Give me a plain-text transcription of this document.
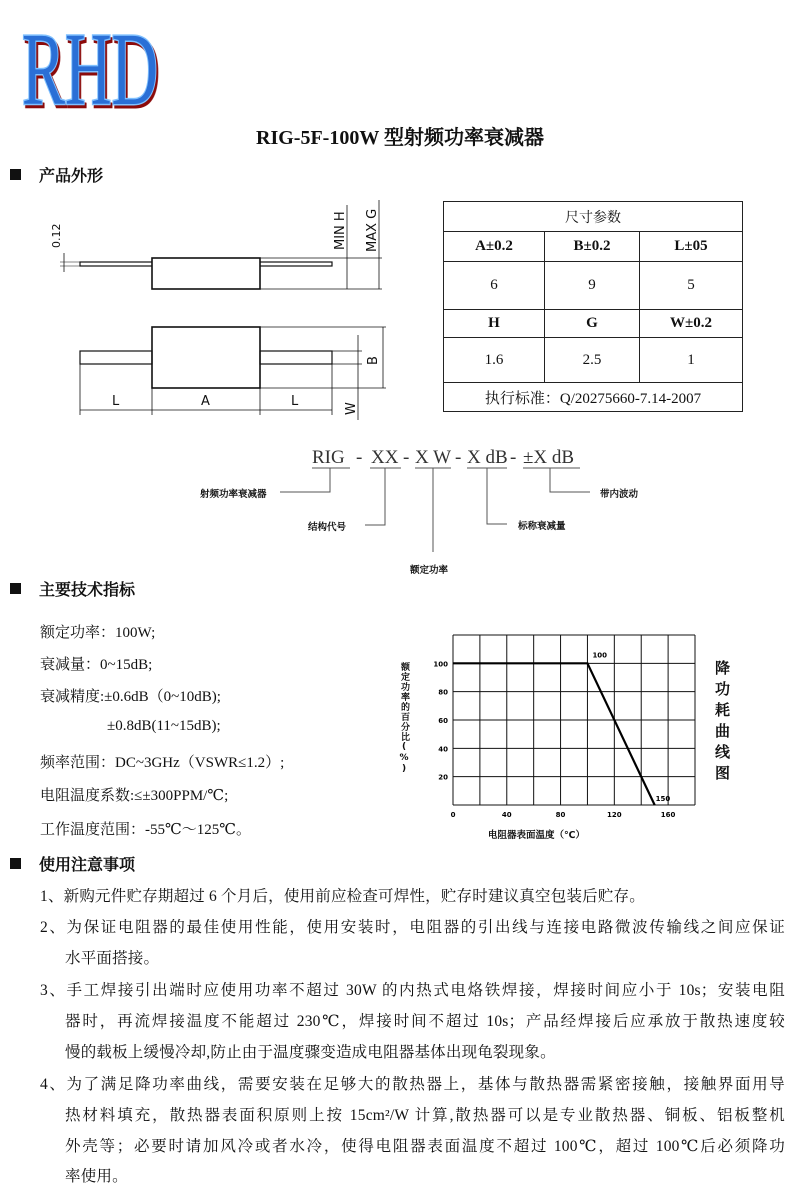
RHD
RIG-5F-100W 型射频功率衰减器
产品外形
0.12	MIN H MAX G
B
W
L	A	L
尺寸参数		
A±0.2	B±0.2	L±05
6	9	5
H	G	W±0.2
1.6	2.5	1
执行标准：Q/20275660-7.14-2007		
RIG - XX - X W - X dB - ±X dB
射频功率衰减器
结构代号
额定功率
标称衰减量
带内波动
主要技术指标
额定功率：100W;
衰减量：0~15dB;
衰减精度:±0.6dB（0~10dB);
±0.8dB(11~15dB);
频率范围：DC~3GHz（VSWR≤1.2）;
电阻温度系数:≤±300PPM/℃;
工作温度范围：-55℃～125℃。
额定功率的百分比(%)
0	40	80	120	160
20
40
60
80
100
100
150
电阻器表面温度（℃）
降功耗曲线图
使用注意事项
1、新购元件贮存期超过 6 个月后，使用前应检查可焊性，贮存时建议真空包装后贮存。
2、为保证电阻器的最佳使用性能，使用安装时，电阻器的引出线与连接电路微波传输线之间应保证
水平面搭接。
3、手工焊接引出端时应使用功率不超过 30W 的内热式电烙铁焊接，焊接时间应小于 10s；安装电阻
器时，再流焊接温度不能超过 230℃，焊接时间不超过 10s；产品经焊接后应承放于散热速度较
慢的载板上缓慢冷却,防止由于温度骤变造成电阻器基体出现龟裂现象。
4、为了满足降功率曲线，需要安装在足够大的散热器上，基体与散热器需紧密接触，接触界面用导
热材料填充，散热器表面积原则上按 15cm²/W 计算,散热器可以是专业散热器、铜板、铝板整机
外壳等；必要时请加风冷或者水冷，使得电阻器表面温度不超过 100℃，超过 100℃后必须降功
率使用。
